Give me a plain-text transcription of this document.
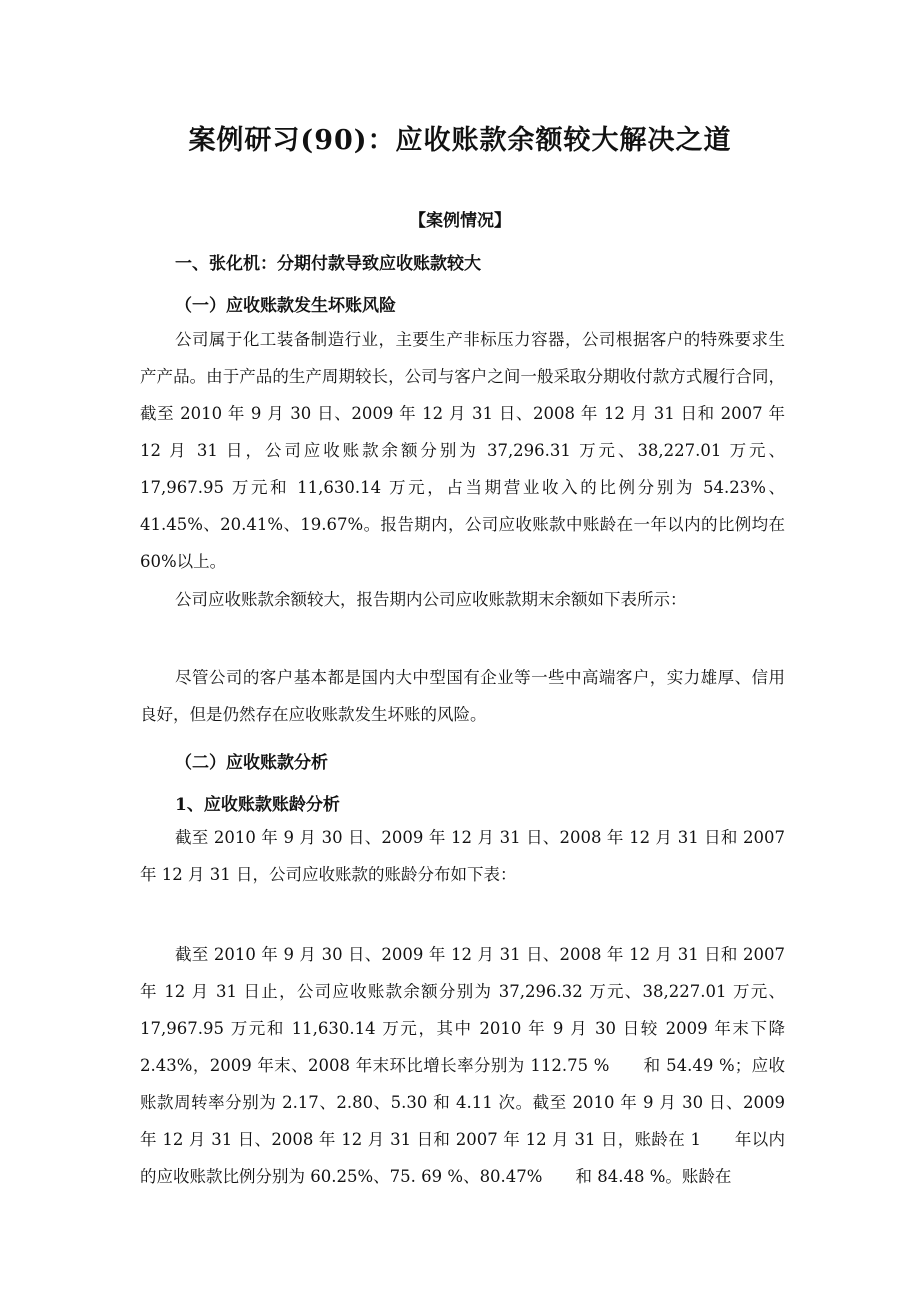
案例研习(90)：应收账款余额较大解决之道
【案例情况】
一、张化机：分期付款导致应收账款较大
（一）应收账款发生坏账风险

公司属于化工装备制造行业，主要生产非标压力容器，公司根据客户的特殊要求生产产品。由于产品的生产周期较长，公司与客户之间一般采取分期收付款方式履行合同，截至 2010 年 9 月 30 日、2009 年 12 月 31 日、2008 年 12 月 31 日和 2007 年 12 月 31 日，公司应收账款余额分别为 37,296.31 万元、38,227.01 万元、17,967.95 万元和 11,630.14 万元，占当期营业收入的比例分别为 54.23%、41.45%、20.41%、19.67%。报告期内，公司应收账款中账龄在一年以内的比例均在 60%以上。

公司应收账款余额较大，报告期内公司应收账款期末余额如下表所示：

尽管公司的客户基本都是国内大中型国有企业等一些中高端客户，实力雄厚、信用良好，但是仍然存在应收账款发生坏账的风险。

（二）应收账款分析
1、应收账款账龄分析

截至 2010 年 9 月 30 日、2009 年 12 月 31 日、2008 年 12 月 31 日和 2007 年 12 月 31 日，公司应收账款的账龄分布如下表：

截至 2010 年 9 月 30 日、2009 年 12 月 31 日、2008 年 12 月 31 日和 2007 年 12 月 31 日止，公司应收账款余额分别为 37,296.32 万元、38,227.01 万元、17,967.95 万元和 11,630.14 万元，其中 2010 年 9 月 30 日较 2009 年末下降 2.43%，2009 年末、2008 年末环比增长率分别为 112.75 %　　和 54.49 %；应收账款周转率分别为 2.17、2.80、5.30 和 4.11 次。截至 2010 年 9 月 30 日、2009 年 12 月 31 日、2008 年 12 月 31 日和 2007 年 12 月 31 日，账龄在 1　　年以内的应收账款比例分别为 60.25%、75. 69 %、80.47%　　和 84.48 %。账龄在
